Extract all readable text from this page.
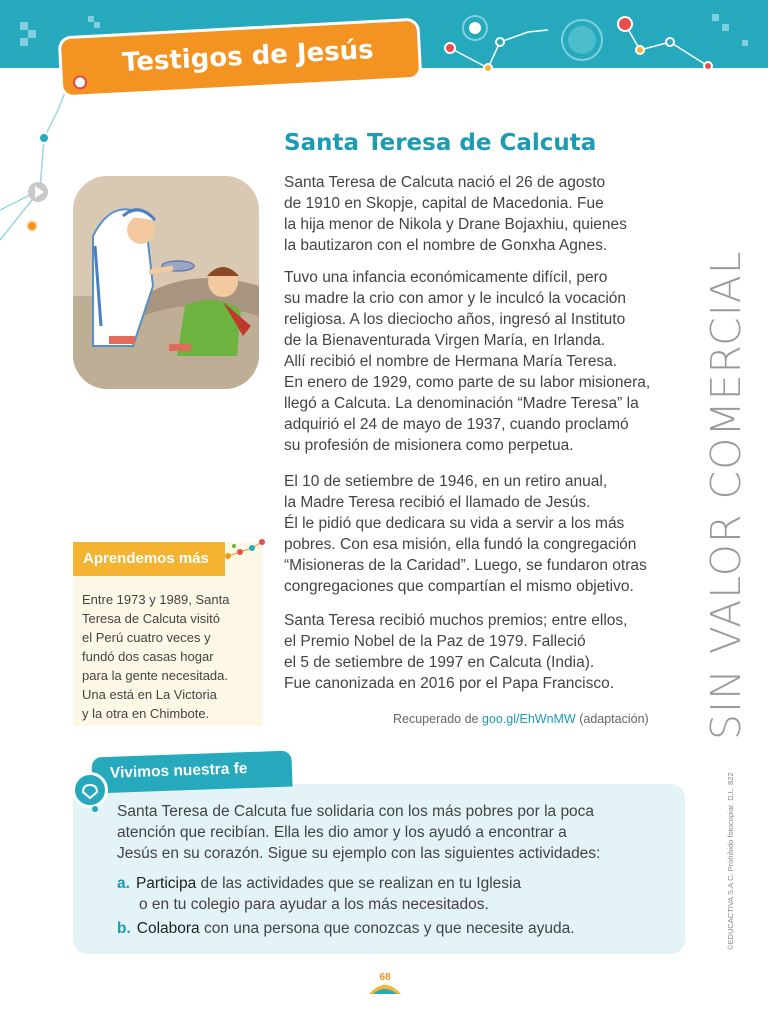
Testigos de Jesús
Santa Teresa de Calcuta

Santa Teresa de Calcuta nació el 26 de agosto
de 1910 en Skopje, capital de Macedonia. Fue
la hija menor de Nikola y Drane Bojaxhiu, quienes
la bautizaron con el nombre de Gonxha Agnes.

Tuvo una infancia económicamente difícil, pero
su madre la crio con amor y le inculcó la vocación
religiosa. A los dieciocho años, ingresó al Instituto
de la Bienaventurada Virgen María, en Irlanda.
Allí recibió el nombre de Hermana María Teresa.
En enero de 1929, como parte de su labor misionera,
llegó a Calcuta. La denominación “Madre Teresa” la
adquirió el 24 de mayo de 1937, cuando proclamó
su profesión de misionera como perpetua.

El 10 de setiembre de 1946, en un retiro anual,
la Madre Teresa recibió el llamado de Jesús.
Él le pidió que dedicara su vida a servir a los más
pobres. Con esa misión, ella fundó la congregación
“Misioneras de la Caridad”. Luego, se fundaron otras
congregaciones que compartían el mismo objetivo.

Santa Teresa recibió muchos premios; entre ellos,
el Premio Nobel de la Paz de 1979. Falleció
el 5 de setiembre de 1997 en Calcuta (India).
Fue canonizada en 2016 por el Papa Francisco.

Recuperado de goo.gl/EhWnMW (adaptación) SIN VALOR COMERCIAL
©EDUCACTIVA S.A.C. Prohibido fotocopiar. D.L. 822
Aprendemos más
Entre 1973 y 1989, Santa
Teresa de Calcuta visitó
el Perú cuatro veces y
fundó dos casas hogar
para la gente necesitada.
Una está en La Victoria
y la otra en Chimbote.
Vivimos nuestra fe
Santa Teresa de Calcuta fue solidaria con los más pobres por la poca
atención que recibían. Ella les dio amor y los ayudó a encontrar a
Jesús en su corazón. Sigue su ejemplo con las siguientes actividades:
a. Participa de las actividades que se realizan en tu Iglesia
o en tu colegio para ayudar a los más necesitados.
b. Colabora con una persona que conozcas y que necesite ayuda.
68
